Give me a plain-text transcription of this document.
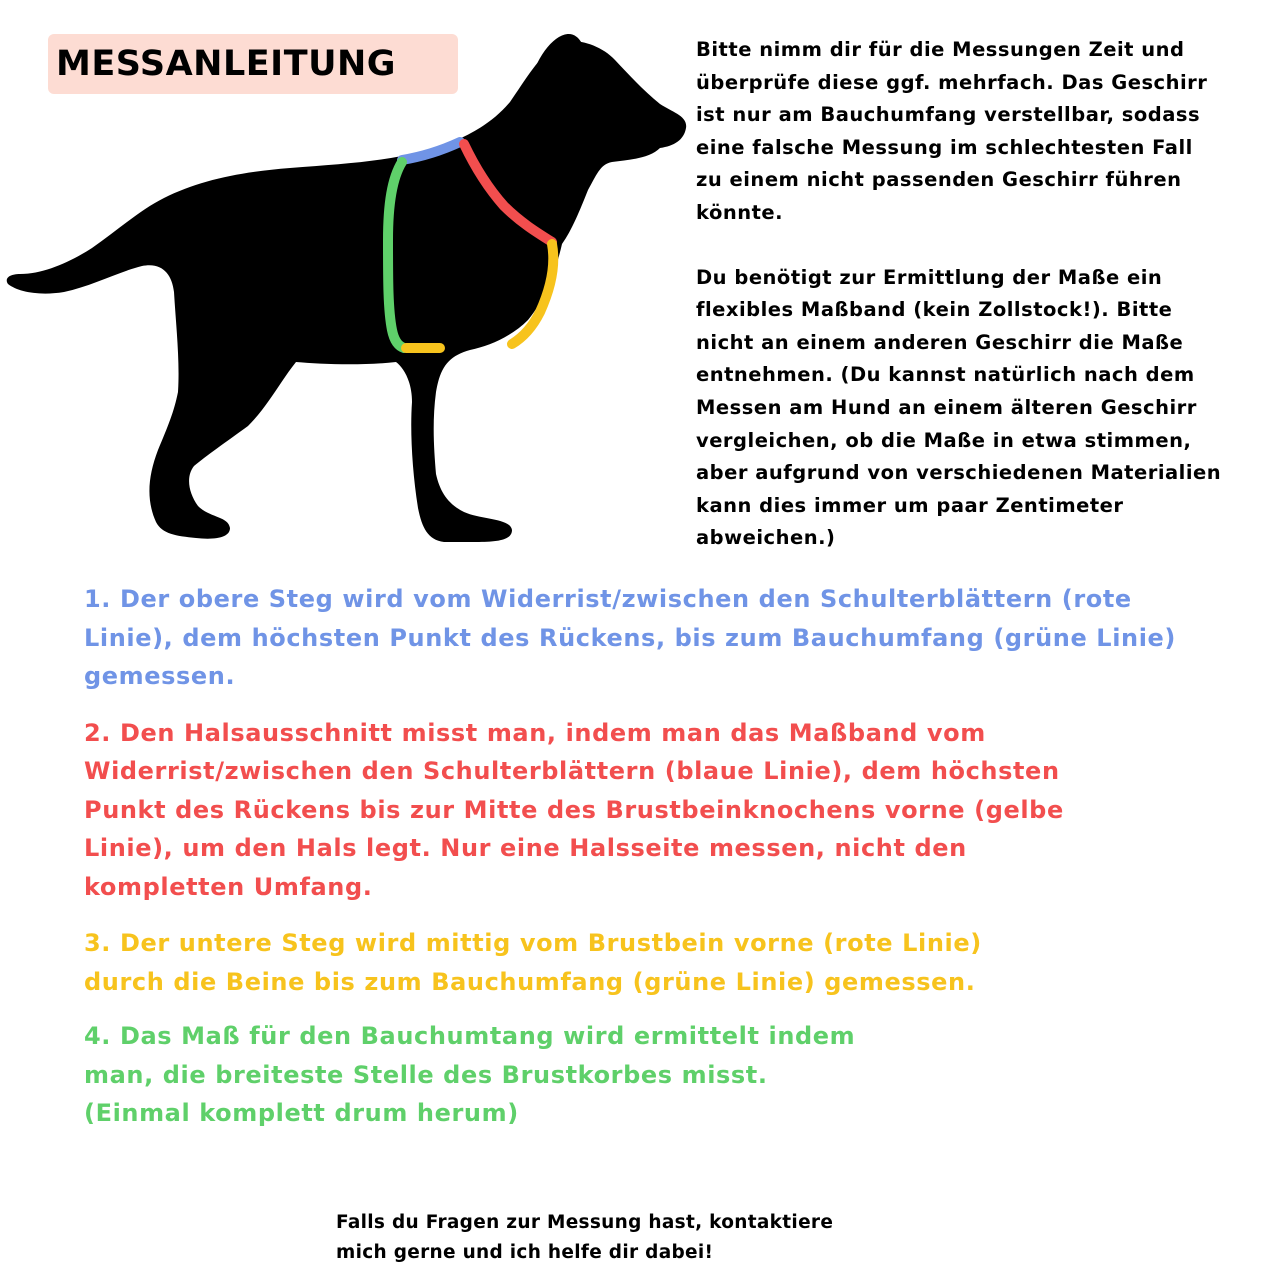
MESSANLEITUNG	Bitte nimm dir für die Messungen Zeit und
überprüfe diese ggf. mehrfach. Das Geschirr
ist nur am Bauchumfang verstellbar, sodass
eine falsche Messung im schlechtesten Fall
zu einem nicht passenden Geschirr führen
könnte.

Du benötigt zur Ermittlung der Maße ein
flexibles Maßband (kein Zollstock!). Bitte
nicht an einem anderen Geschirr die Maße
entnehmen. (Du kannst natürlich nach dem
Messen am Hund an einem älteren Geschirr
vergleichen, ob die Maße in etwa stimmen,
aber aufgrund von verschiedenen Materialien
kann dies immer um paar Zentimeter
abweichen.)

1. Der obere Steg wird vom Widerrist/zwischen den Schulterblättern (rote
Linie), dem höchsten Punkt des Rückens, bis zum Bauchumfang (grüne Linie)
gemessen.

2. Den Halsausschnitt misst man, indem man das Maßband vom
Widerrist/zwischen den Schulterblättern (blaue Linie), dem höchsten
Punkt des Rückens bis zur Mitte des Brustbeinknochens vorne (gelbe
Linie), um den Hals legt. Nur eine Halsseite messen, nicht den
kompletten Umfang.

3. Der untere Steg wird mittig vom Brustbein vorne (rote Linie)
durch die Beine bis zum Bauchumfang (grüne Linie) gemessen.

4. Das Maß für den Bauchumtang wird ermittelt indem
man, die breiteste Stelle des Brustkorbes misst.
(Einmal komplett drum herum)

Falls du Fragen zur Messung hast, kontaktiere
mich gerne und ich helfe dir dabei!
